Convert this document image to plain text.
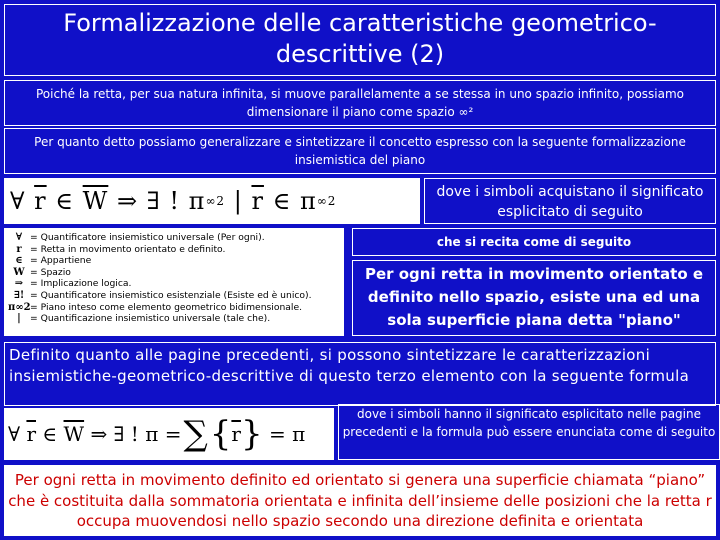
Formalizzazione delle caratteristiche geometrico-descrittive (2)
Poiché la retta, per sua natura infinita, si muove parallelamente a se stessa in uno spazio infinito, possiamo dimensionare il piano come spazio ∞²
Per quanto detto possiamo generalizzare e sintetizzare il concetto espresso con la seguente formalizzazione insiemistica del piano
∀
$\overline{r}$
∈
$\overline{W}$
⇒
∃ !
π ∞2
|
$\overline{r}$
∈
π ∞2
dove i simboli acquistano il significato esplicitato di seguito
∀ = Quantificatore insiemistico universale (Per ogni).
r = Retta in movimento orientato e definito.
∈ = Appartiene
W = Spazio
⇒ = Implicazione logica.
∃! = Quantificatore insiemistico esistenziale (Esiste ed è unico).
π∞2 = Piano inteso come elemento geometrico bidimensionale.
| = Quantificazione insiemistico universale (tale che).
che si recita come di seguito
Per ogni retta in movimento orientato e definito nello spazio, esiste una ed una sola superficie piana detta "piano"
Definito quanto alle pagine precedenti, si possono sintetizzare le caratterizzazioni insiemistiche-geometrico-descrittive di questo terzo elemento con la seguente formula
∀
$\overline{r}$
∈
$\overline{W}$
⇒
∃ !
π
= ∑ { $\overline{r}$ }
=
π
dove i simboli hanno il significato esplicitato nelle pagine precedenti e la formula può essere enunciata come di seguito
Per ogni retta in movimento definito ed orientato si genera una superficie chiamata “piano” che è costituita dalla sommatoria orientata e infinita dell’insieme delle posizioni che la retta r occupa muovendosi nello spazio secondo una direzione definita e orientata
